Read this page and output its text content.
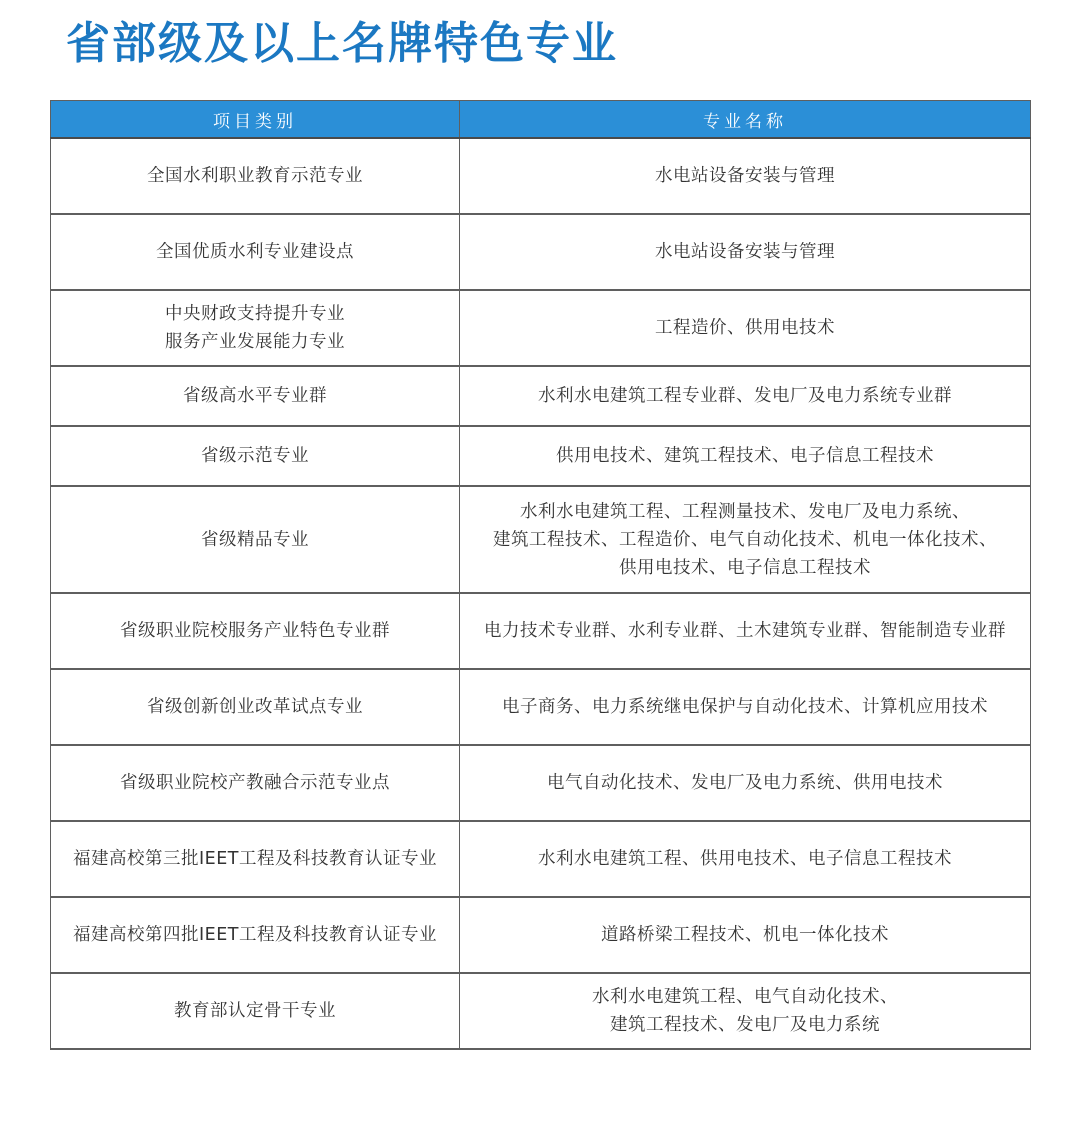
省部级及以上名牌特色专业
项目类别	专业名称
全国水利职业教育示范专业	水电站设备安装与管理
全国优质水利专业建设点	水电站设备安装与管理
中央财政支持提升专业
服务产业发展能力专业	工程造价、供用电技术
省级高水平专业群	水利水电建筑工程专业群、发电厂及电力系统专业群
省级示范专业	供用电技术、建筑工程技术、电子信息工程技术
省级精品专业	水利水电建筑工程、工程测量技术、发电厂及电力系统、
建筑工程技术、工程造价、电气自动化技术、机电一体化技术、
供用电技术、电子信息工程技术
省级职业院校服务产业特色专业群	电力技术专业群、水利专业群、土木建筑专业群、智能制造专业群
省级创新创业改革试点专业	电子商务、电力系统继电保护与自动化技术、计算机应用技术
省级职业院校产教融合示范专业点	电气自动化技术、发电厂及电力系统、供用电技术
福建高校第三批IEET工程及科技教育认证专业	水利水电建筑工程、供用电技术、电子信息工程技术
福建高校第四批IEET工程及科技教育认证专业	道路桥梁工程技术、机电一体化技术
教育部认定骨干专业	水利水电建筑工程、电气自动化技术、
建筑工程技术、发电厂及电力系统
